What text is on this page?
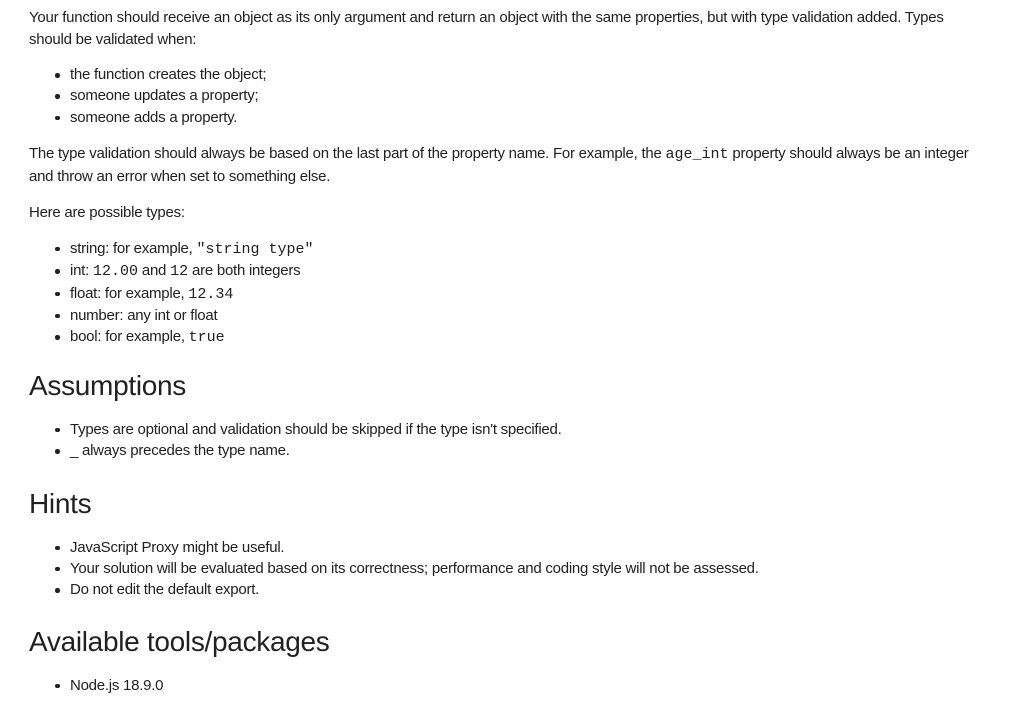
Your function should receive an object as its only argument and return an object with the same properties, but with type validation added. Types should be validated when:

the function creates the object;
someone updates a property;
someone adds a property.

The type validation should always be based on the last part of the property name. For example, the age_int property should always be an integer and throw an error when set to something else.

Here are possible types:

string: for example, "string type"
int: 12.00 and 12 are both integers
float: for example, 12.34
number: any int or float
bool: for example, true
Assumptions
Types are optional and validation should be skipped if the type isn't specified.
_ always precedes the type name.
Hints
JavaScript Proxy might be useful.
Your solution will be evaluated based on its correctness; performance and coding style will not be assessed.
Do not edit the default export.
Available tools/packages
Node.js 18.9.0
